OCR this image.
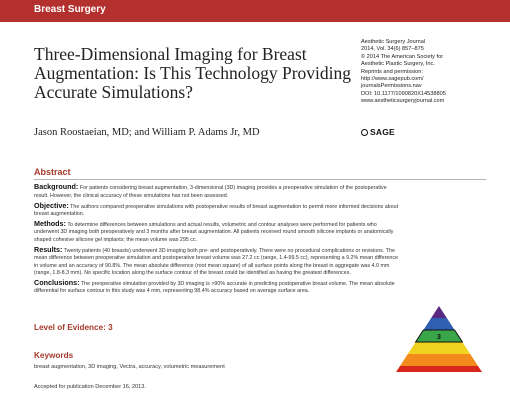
Breast Surgery
Three-Dimensional Imaging for Breast
Augmentation: Is This Technology Providing
Accurate Simulations?
Aesthetic Surgery Journal
2014, Vol. 34(6) 857–875
© 2014 The American Society for
Aesthetic Plastic Surgery, Inc.
Reprints and permission:
http://www.sagepub.com/
journalsPermissions.nav
DOI: 10.1177/1090820X14538805
www.aestheticsurgeryjournal.com
SAGE
Jason Roostaeian, MD; and William P. Adams Jr, MD
Abstract
Background: For patients considering breast augmentation, 3-dimensional (3D) imaging provides a preoperative simulation of the postoperative
result. However, the clinical accuracy of these simulations has not been assessed.
Objective: The authors compared preoperative simulations with postoperative results of breast augmentation to permit more informed decisions about
breast augmentation.
Methods: To determine differences between simulations and actual results, volumetric and contour analyses were performed for patients who
underwent 3D imaging both preoperatively and 3 months after breast augmentation. All patients received round smooth silicone implants or anatomically
shaped cohesive silicone gel implants; the mean volume was 295 cc.
Results: Twenty patients (40 breasts) underwent 3D imaging both pre- and postoperatively. There were no procedural complications or revisions. The
mean difference between preoperative simulation and postoperative breast volume was 27.2 cc (range, 1.4-99.5 cc), representing a 9.2% mean difference
in volume and an accuracy of 90.8%. The mean absolute difference (root mean square) of all surface points along the breast in aggregate was 4.0 mm
(range, 1.8-8.3 mm). No specific location along the surface contour of the breast could be identified as having the greatest differences.
Conclusions: The preoperative simulation provided by 3D imaging is >90% accurate in predicting postoperative breast volume. The mean absolute
differential for surface contour in this study was 4 mm, representing 98.4% accuracy based on average surface area.
Level of Evidence: 3
3
Keywords
breast augmentation, 3D imaging, Vectra, accuracy, volumetric measurement
Accepted for publication December 16, 2013.
